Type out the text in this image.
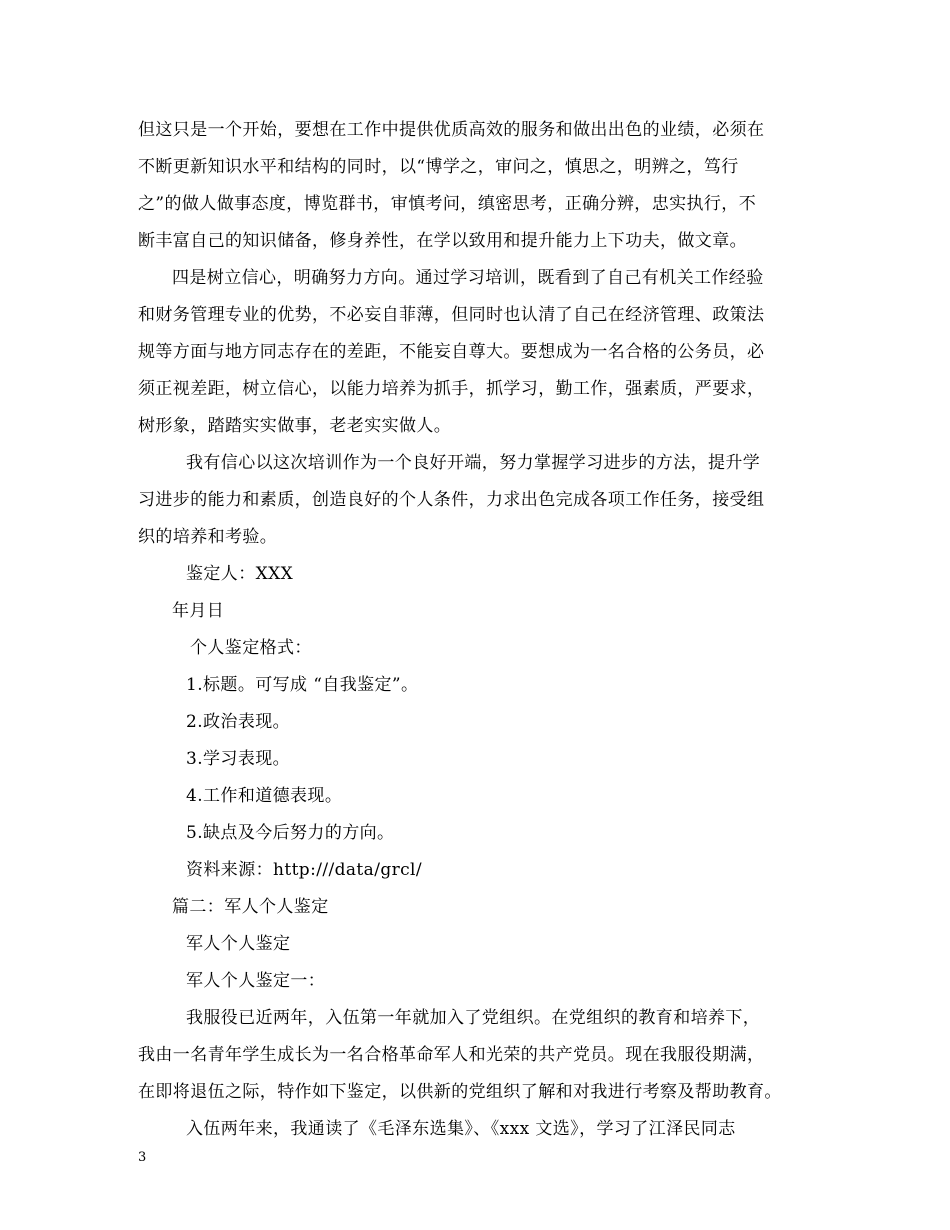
但这只是一个开始，要想在工作中提供优质高效的服务和做出出色的业绩，必须在
不断更新知识水平和结构的同时，以“博学之，审问之，慎思之，明辨之，笃行
之”的做人做事态度，博览群书，审慎考问，缜密思考，正确分辨，忠实执行，不
断丰富自己的知识储备，修身养性，在学以致用和提升能力上下功夫，做文章。
四是树立信心，明确努力方向。通过学习培训，既看到了自己有机关工作经验
和财务管理专业的优势，不必妄自菲薄，但同时也认清了自己在经济管理、政策法
规等方面与地方同志存在的差距，不能妄自尊大。要想成为一名合格的公务员，必
须正视差距，树立信心，以能力培养为抓手，抓学习，勤工作，强素质，严要求，
树形象，踏踏实实做事，老老实实做人。
我有信心以这次培训作为一个良好开端，努力掌握学习进步的方法，提升学
习进步的能力和素质，创造良好的个人条件，力求出色完成各项工作任务，接受组
织的培养和考验。
鉴定人：XXX
年月日
个人鉴定格式：
1.标题。可写成 “自我鉴定”。
2.政治表现。
3.学习表现。
4.工作和道德表现。
5.缺点及今后努力的方向。
资料来源：http:///data/grcl/
篇二：军人个人鉴定
军人个人鉴定
军人个人鉴定一：
我服役已近两年，入伍第一年就加入了党组织。在党组织的教育和培养下，
我由一名青年学生成长为一名合格革命军人和光荣的共产党员。现在我服役期满，
在即将退伍之际，特作如下鉴定，以供新的党组织了解和对我进行考察及帮助教育。
入伍两年来，我通读了《毛泽东选集》、《xxx 文选》，学习了江泽民同志
3
